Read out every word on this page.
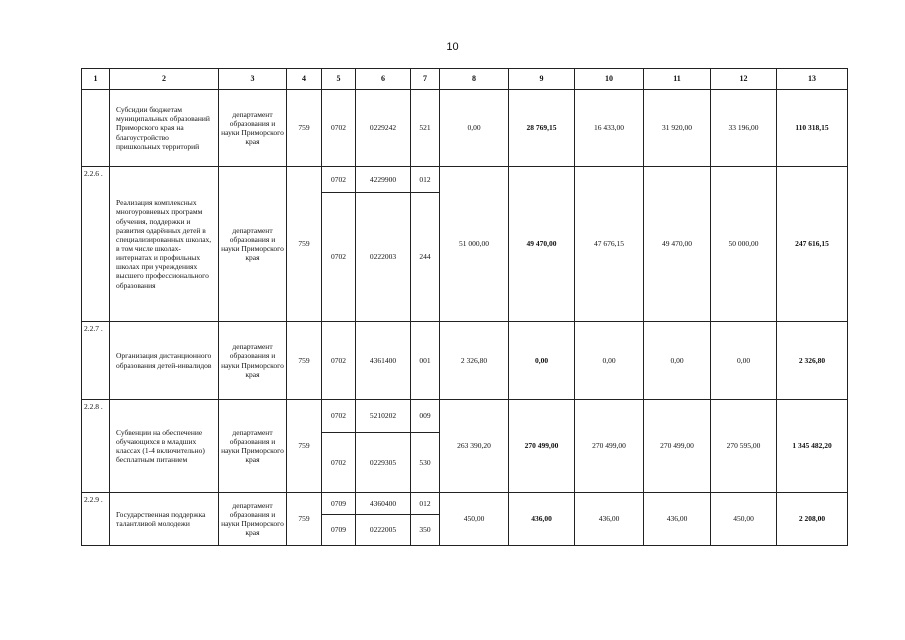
10
1	2	3	4	5	6	7	8	9	10	11	12	13
	Субсидии бюджетам муниципальных образований Приморского края на благоустройство пришкольных территорий	департамент образования и науки Приморского края	759	0702	0229242	521	0,00	28 769,15	16 433,00	31 920,00	33 196,00	110 318,15
2.2.6 .	Реализация комплексных многоуровневых программ обучения, поддержки и развития одарённых детей в специализированных школах, в том числе школах-интернатах и профильных школах при учреждениях высшего профессионального образования	департамент образования и науки Приморского края	759	0702	4229900	012	51 000,00	49 470,00	47 676,15	49 470,00	50 000,00	247 616,15
				0702	0222003	244						
2.2.7 .	Организация дистанционного образования детей-инвалидов	департамент образования и науки Приморского края	759	0702	4361400	001	2 326,80	0,00	0,00	0,00	0,00	2 326,80
2.2.8 .	Субвенции на обеспечение обучающихся в младших классах (1-4 включительно) бесплатным питанием	департамент образования и науки Приморского края	759	0702	5210202	009	263 390,20	270 499,00	270 499,00	270 499,00	270 595,00	1 345 482,20
				0702	0229305	530						
2.2.9 .	Государственная поддержка талантливой молодежи	департамент образования и науки Приморского края	759	0709	4360400	012	450,00	436,00	436,00	436,00	450,00	2 208,00
				0709	0222005	350						
